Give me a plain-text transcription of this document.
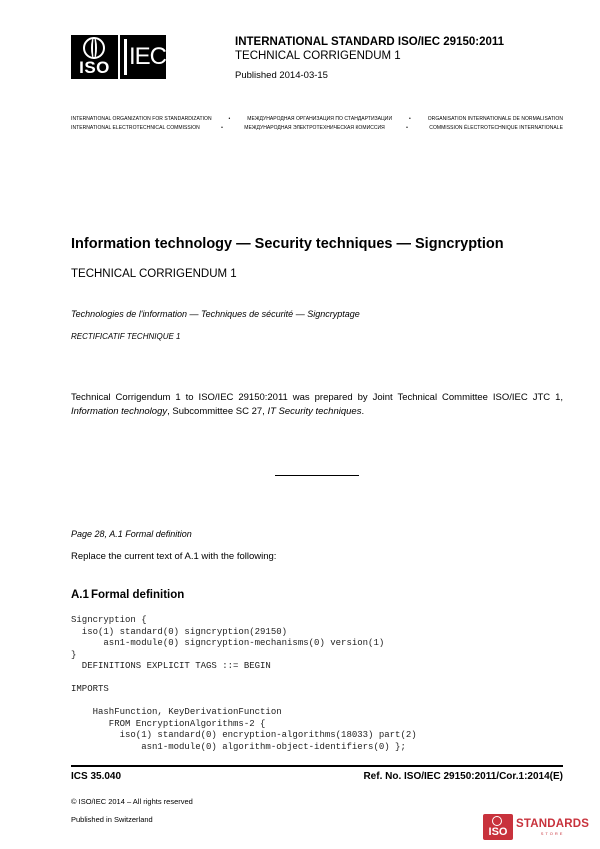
ISO IEC
INTERNATIONAL STANDARD ISO/IEC 29150:2011
TECHNICAL CORRIGENDUM 1
Published 2014-03-15
INTERNATIONAL ORGANIZATION FOR STANDARDIZATION	•	МЕЖДУНАРОДНАЯ ОРГАНИЗАЦИЯ ПО СТАНДАРТИЗАЦИИ	•	ORGANISATION INTERNATIONALE DE NORMALISATION
INTERNATIONAL ELECTROTECHNICAL COMMISSION	•	МЕЖДУНАРОДНАЯ ЭЛЕКТРОТЕХНИЧЕСКАЯ КОМИССИЯ	•	COMMISSION ÉLECTROTECHNIQUE INTERNATIONALE
Information technology — Security techniques — Signcryption
TECHNICAL CORRIGENDUM 1
Technologies de l'information — Techniques de sécurité — Signcryptage
RECTIFICATIF TECHNIQUE 1
Technical Corrigendum 1 to ISO/IEC 29150:2011 was prepared by Joint Technical Committee ISO/IEC JTC 1, Information technology, Subcommittee SC 27, IT Security techniques.
Page 28, A.1 Formal definition
Replace the current text of A.1 with the following:
A.1 Formal definition
Signcryption {
iso(1) standard(0) signcryption(29150)
asn1-module(0) signcryption-mechanisms(0) version(1)
}
DEFINITIONS EXPLICIT TAGS ::= BEGIN

IMPORTS

HashFunction, KeyDerivationFunction
FROM EncryptionAlgorithms-2 {
iso(1) standard(0) encryption-algorithms(18033) part(2)
asn1-module(0) algorithm-object-identifiers(0) };
ICS 35.040	Ref. No. ISO/IEC 29150:2011/Cor.1:2014(E)
© ISO/IEC 2014 – All rights reserved
Published in Switzerland
ISO
STANDARDS
STORE
